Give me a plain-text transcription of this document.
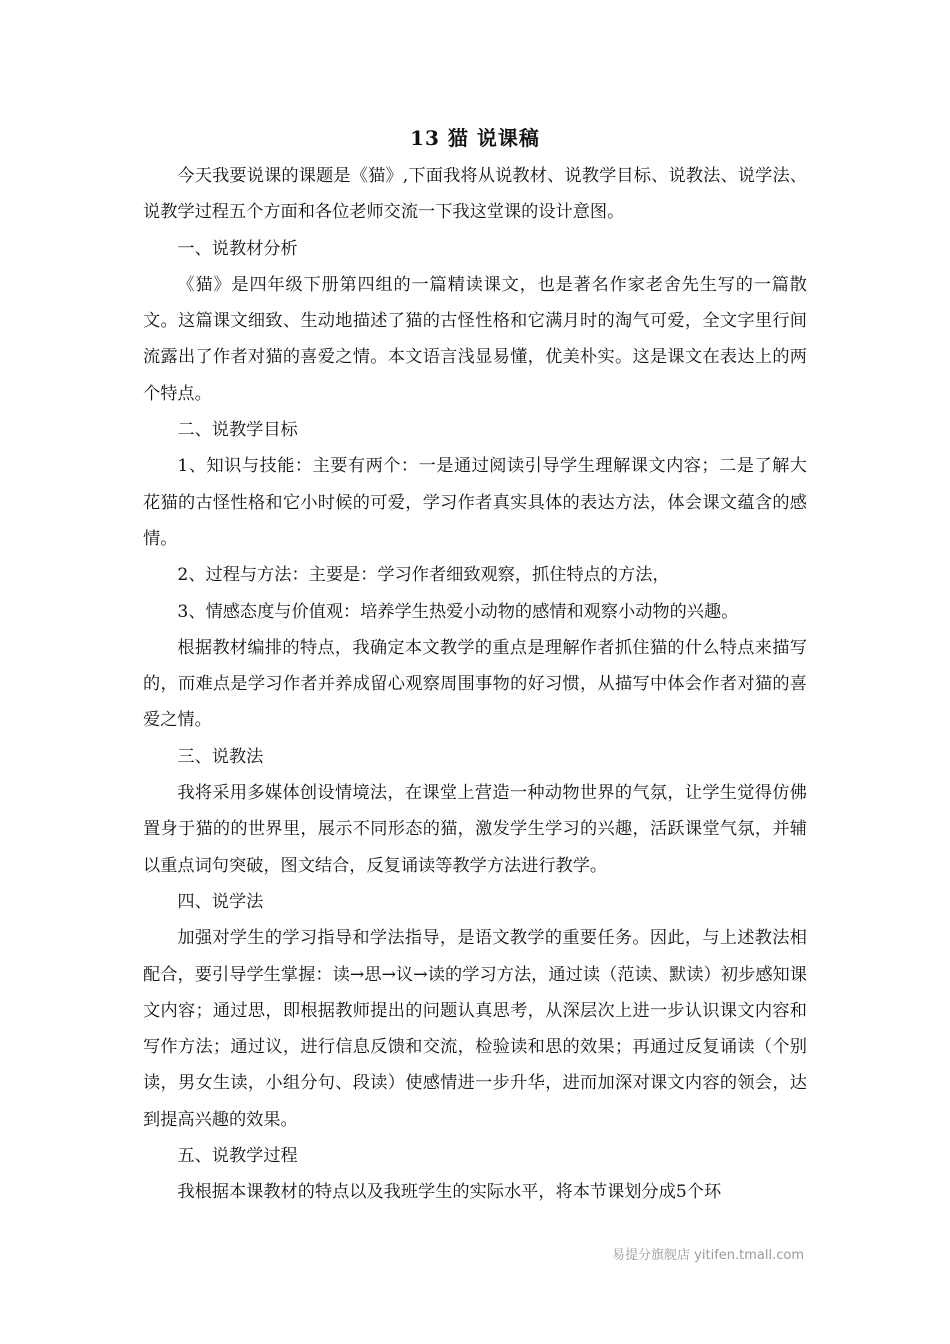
13 猫 说课稿

今天我要说课的课题是《猫》,下面我将从说教材、说教学目标、说教法、说学法、说教学过程五个方面和各位老师交流一下我这堂课的设计意图。

一、说教材分析

《猫》是四年级下册第四组的一篇精读课文，也是著名作家老舍先生写的一篇散文。这篇课文细致、生动地描述了猫的古怪性格和它满月时的淘气可爱，全文字里行间流露出了作者对猫的喜爱之情。本文语言浅显易懂，优美朴实。这是课文在表达上的两个特点。

二、说教学目标

1、知识与技能：主要有两个：一是通过阅读引导学生理解课文内容；二是了解大花猫的古怪性格和它小时候的可爱，学习作者真实具体的表达方法，体会课文蕴含的感情。

2、过程与方法：主要是：学习作者细致观察，抓住特点的方法，

3、情感态度与价值观：培养学生热爱小动物的感情和观察小动物的兴趣。

根据教材编排的特点，我确定本文教学的重点是理解作者抓住猫的什么特点来描写的，而难点是学习作者并养成留心观察周围事物的好习惯，从描写中体会作者对猫的喜爱之情。

三、说教法

我将采用多媒体创设情境法，在课堂上营造一种动物世界的气氛，让学生觉得仿佛置身于猫的的世界里，展示不同形态的猫，激发学生学习的兴趣，活跃课堂气氛，并辅以重点词句突破，图文结合，反复诵读等教学方法进行教学。

四、说学法

加强对学生的学习指导和学法指导，是语文教学的重要任务。因此，与上述教法相配合，要引导学生掌握：读→思→议→读的学习方法，通过读（范读、默读）初步感知课文内容；通过思，即根据教师提出的问题认真思考，从深层次上进一步认识课文内容和写作方法；通过议，进行信息反馈和交流，检验读和思的效果；再通过反复诵读（个别读，男女生读，小组分句、段读）使感情进一步升华，进而加深对课文内容的领会，达到提高兴趣的效果。

五、说教学过程

我根据本课教材的特点以及我班学生的实际水平，将本节课划分成5个环

易提分旗舰店 yitifen.tmall.com
